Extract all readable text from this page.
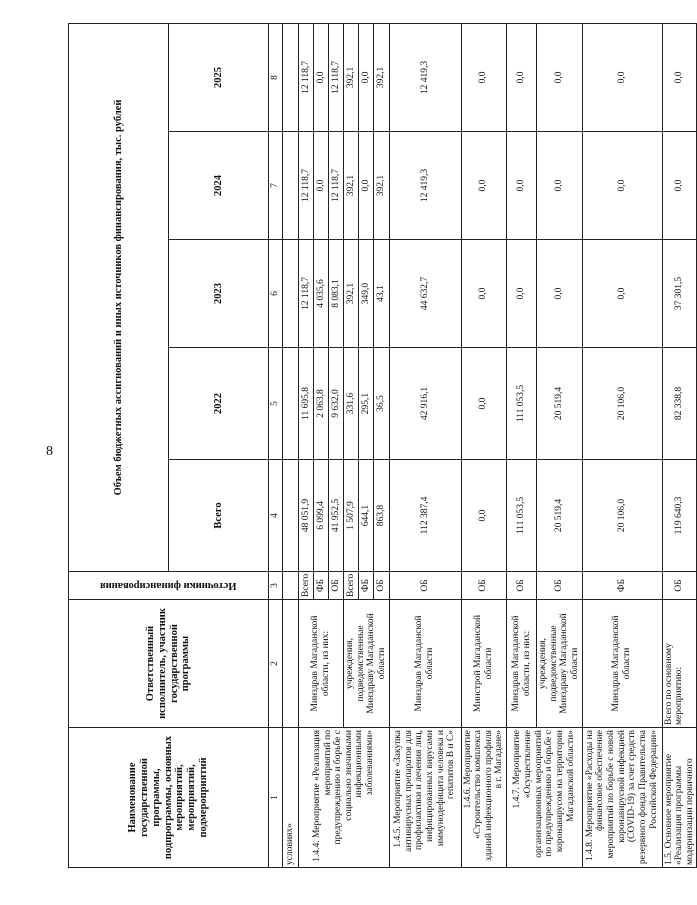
8
Наименование государственной программы, подпрограммы, основных мероприятий, мероприятий, подмероприятий	Ответственный исполнитель, участник государственной программы	Источники финансирования	Объем бюджетных ассигнований и иных источников финансирования, тыс. рублей				
			Всего	2022	2023	2024	2025
1	2	3	4	5	6	7	8
условиях»							
1.4.4. Мероприятие «Реализация мероприятий по предупреждению и борьбе с социально значимыми инфекционными заболеваниями»	Минздрав Магаданской области, из них:	Всего	48 051,9	11 695,8	12 118,7	12 118,7	12 118,7
		ФБ	6 099,4	2 063,8	4 035,6	0,0	0,0
		ОБ	41 952,5	9 632,0	8 083,1	12 118,7	12 118,7
	учреждения, подведомственные Минздраву Магаданской области	Всего	1 507,9	331,6	392,1	392,1	392,1
		ФБ	644,1	295,1	349,0	0,0	0,0
		ОБ	863,8	36,5	43,1	392,1	392,1
1.4.5. Мероприятие «Закупка антивирусных препаратов для профилактики и лечения лиц, инфицированных вирусами иммунодефицита человека и гепатитов В и С»	Минздрав Магаданской области	ОБ	112 387,4	42 916,1	44 632,7	12 419,3	12 419,3
1.4.6. Мероприятие «Строительство комплекса зданий инфекционного профиля в г. Магадане»	Минстрой Магаданской области	ОБ	0,0	0,0	0,0	0,0	0,0
1.4.7. Мероприятие «Осуществление организационных мероприятий по предупреждению и борьбе с коронавирусом на территории Магаданской области»	Минздрав Магаданской области, из них:	ОБ	111 053,5	111 053,5	0,0	0,0	0,0
	учреждения, подведомственные Минздраву Магаданской области	ОБ	20 519,4	20 519,4	0,0	0,0	0,0
1.4.8. Мероприятие «Расходы на финансовое обеспечение мероприятий по борьбе с новой коронавирусной инфекцией (COVID-19) за счет средств резервного фонда Правительства Российской Федерации»	Минздрав Магаданской области	ФБ	20 106,0	20 106,0	0,0	0,0	0,0
1.5. Основное мероприятие «Реализация программы модернизации первичного	Всего по основному мероприятию:	ОБ	119 640,3	82 338,8	37 301,5	0,0	0,0
